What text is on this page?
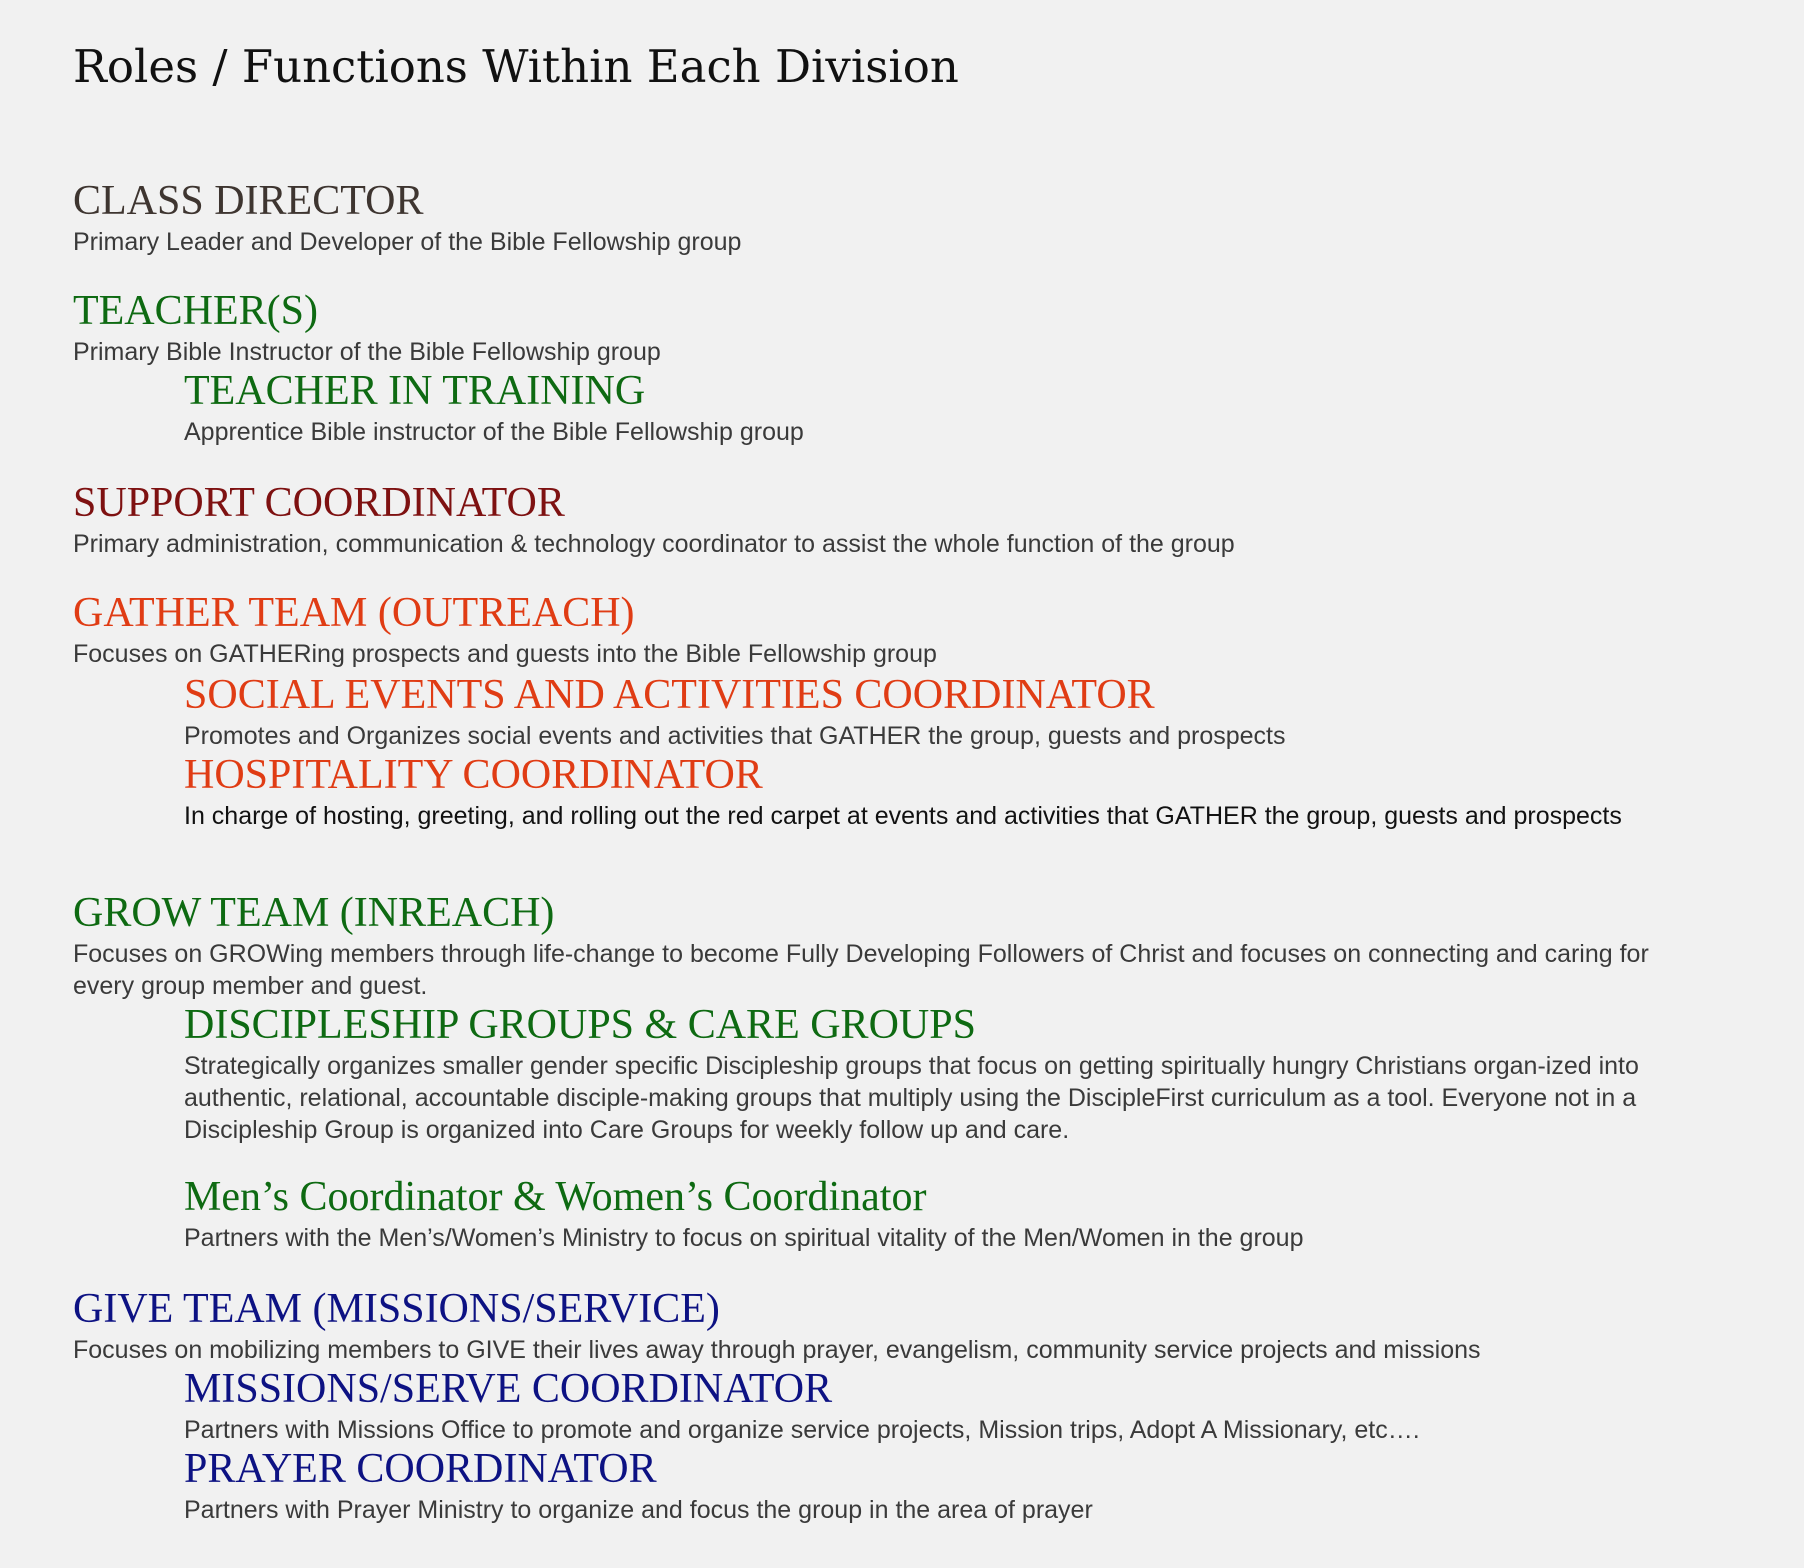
Roles / Functions Within Each Division
CLASS DIRECTOR
Primary Leader and Developer of the Bible Fellowship group
TEACHER(S)
Primary Bible Instructor of the Bible Fellowship group
TEACHER IN TRAINING
Apprentice Bible instructor of the Bible Fellowship group
SUPPORT COORDINATOR
Primary administration, communication & technology coordinator to assist the whole function of the group
GATHER TEAM (OUTREACH)
Focuses on GATHERing prospects and guests into the Bible Fellowship group
SOCIAL EVENTS AND ACTIVITIES COORDINATOR
Promotes and Organizes social events and activities that GATHER the group, guests and prospects
HOSPITALITY COORDINATOR
In charge of hosting, greeting, and rolling out the red carpet at events and activities that GATHER the group, guests and prospects
GROW TEAM (INREACH)
Focuses on GROWing members through life-change to become Fully Developing Followers of Christ and focuses on connecting and caring for every group member and guest.
DISCIPLESHIP GROUPS & CARE GROUPS
Strategically organizes smaller gender specific Discipleship groups that focus on getting spiritually hungry Christians organ-ized into authentic, relational, accountable disciple-making groups that multiply using the DiscipleFirst curriculum as a tool. Everyone not in a Discipleship Group is organized into Care Groups for weekly follow up and care.
Men’s Coordinator & Women’s Coordinator
Partners with the Men’s/Women’s Ministry to focus on spiritual vitality of the Men/Women in the group
GIVE TEAM (MISSIONS/SERVICE)
Focuses on mobilizing members to GIVE their lives away through prayer, evangelism, community service projects and missions
MISSIONS/SERVE COORDINATOR
Partners with Missions Office to promote and organize service projects, Mission trips, Adopt A Missionary, etc….
PRAYER COORDINATOR
Partners with Prayer Ministry to organize and focus the group in the area of prayer
